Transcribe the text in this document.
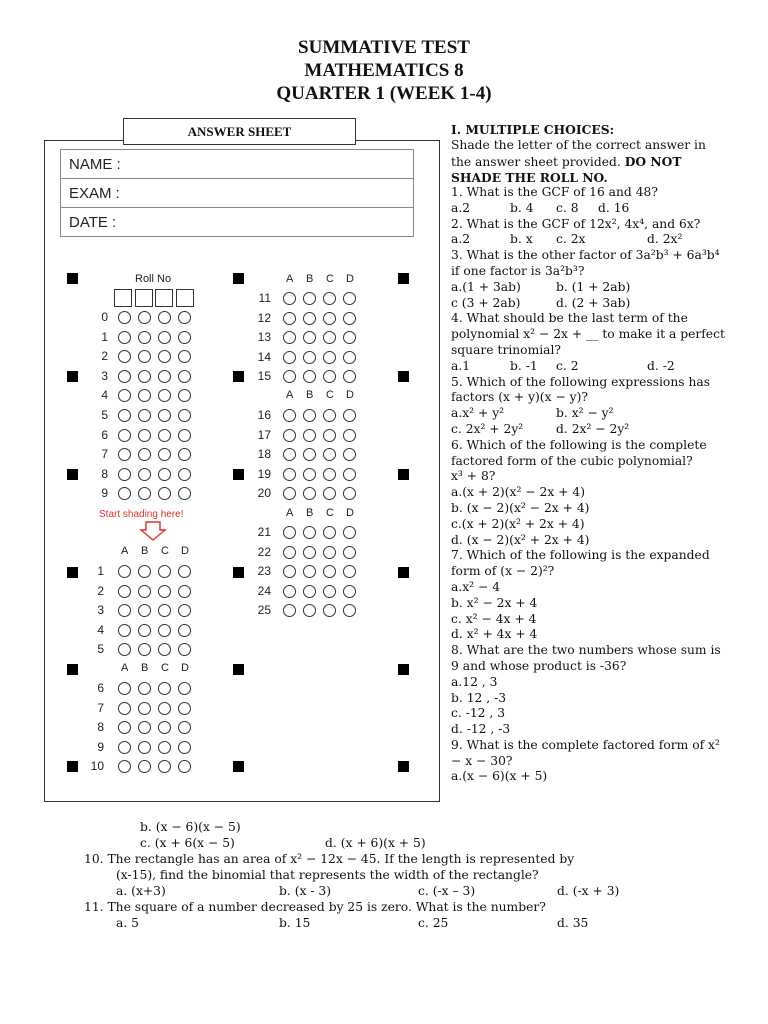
SUMMATIVE TEST
MATHEMATICS 8
QUARTER 1 (WEEK 1-4)
ANSWER SHEET
NAME :
EXAM :
DATE :
Roll No
0
1
2
3
4
5
6
7
8
9
A B C D
11
12
13
14
15
A B C D
16
17
18
19
20
A B C D
21
22
23
24
25
A B C D
1
2
3
4
5
A B C D
6
7
8
9
10
Start shading here!
I. MULTIPLE CHOICES:
Shade the letter of the correct answer in the answer sheet provided. DO NOT SHADE THE ROLL NO.
1. What is the GCF of 16 and 48?
a.2	b. 4 c. 8 d. 16
2. What is the GCF of 12x², 4x⁴, and 6x?
a.2	b. x c. 2x	d. 2x²
3. What is the other factor of 3a²b³ + 6a³b⁴ if one factor is 3a²b³?
a.(1 + 3ab)	b. (1 + 2ab)
c (3 + 2ab)	d. (2 + 3ab)
4. What should be the last term of the polynomial x² − 2x + __ to make it a perfect square trinomial?
a.1	b. -1 c. 2	d. -2
5. Which of the following expressions has factors (x + y)(x − y)?
a.x² + y²	b. x² − y²
c. 2x² + 2y²	d. 2x² − 2y²
6. Which of the following is the complete factored form of the cubic polynomial?
x³ + 8?
a.(x + 2)(x² − 2x + 4)
b. (x − 2)(x² − 2x + 4)
c.(x + 2)(x² + 2x + 4)
d. (x − 2)(x² + 2x + 4)
7. Which of the following is the expanded form of (x − 2)²?
a.x² − 4
b. x² − 2x + 4
c. x² − 4x + 4
d. x² + 4x + 4
8. What are the two numbers whose sum is 9 and whose product is -36?
a.12 , 3
b. 12 , -3
c. -12 , 3
d. -12 , -3
9. What is the complete factored form of x² − x − 30?
a.(x − 6)(x + 5)
b. (x − 6)(x − 5)
c. (x + 6(x − 5)	d. (x + 6)(x + 5)
10. The rectangle has an area of x² − 12x − 45. If the length is represented by
(x-15), find the binomial that represents the width of the rectangle?
a. (x+3)	b. (x - 3)	c. (-x – 3)	d. (-x + 3)
11. The square of a number decreased by 25 is zero. What is the number?
a. 5	b. 15	c. 25	d. 35
